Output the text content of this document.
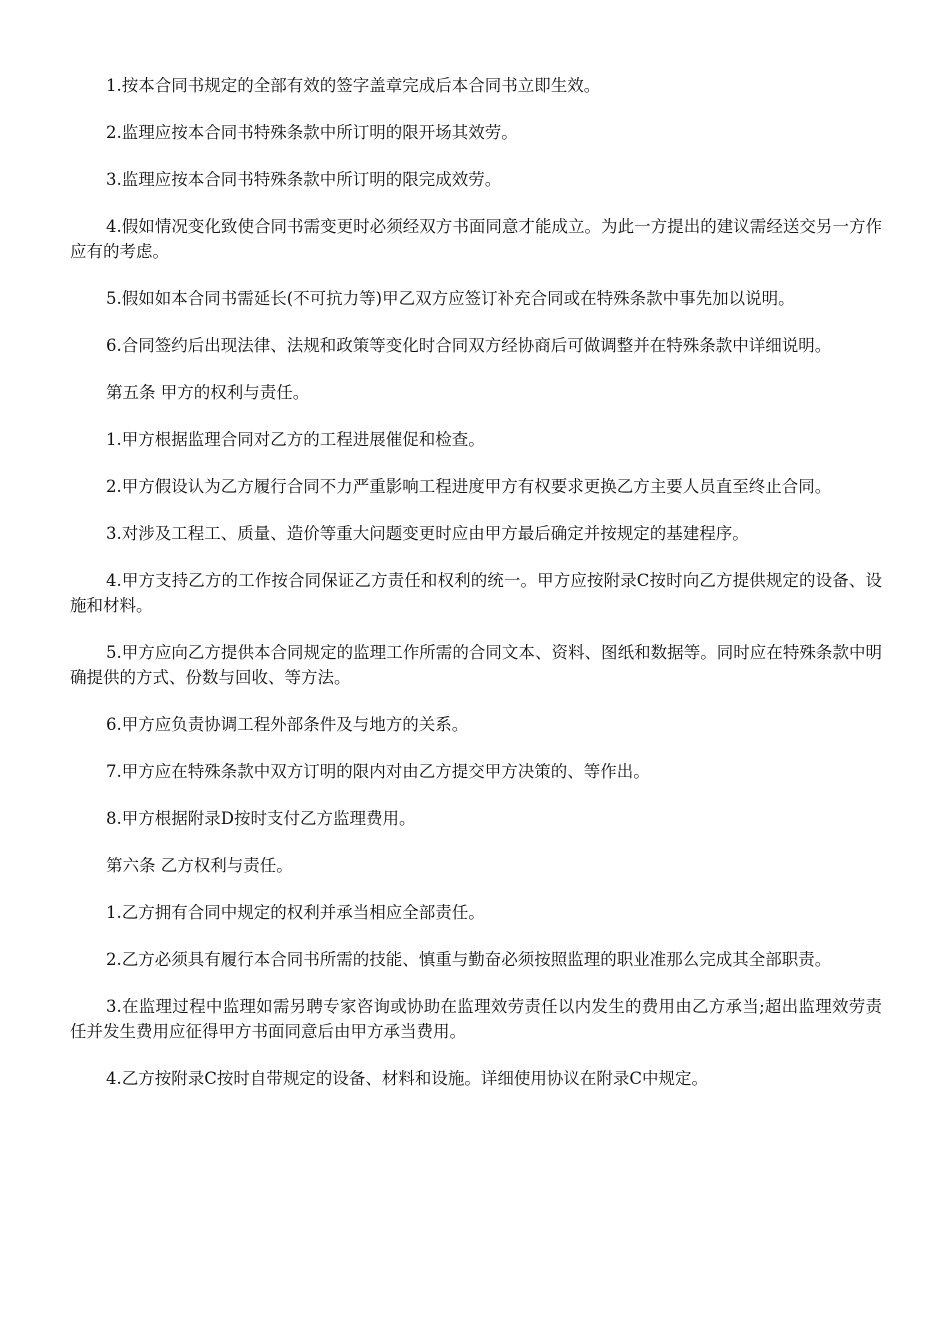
1.按本合同书规定的全部有效的签字盖章完成后本合同书立即生效。

2.监理应按本合同书特殊条款中所订明的限开场其效劳。

3.监理应按本合同书特殊条款中所订明的限完成效劳。

4.假如情况变化致使合同书需变更时必须经双方书面同意才能成立。为此一方提出的建议需经送交另一方作应有的考虑。

5.假如如本合同书需延长(不可抗力等)甲乙双方应签订补充合同或在特殊条款中事先加以说明。

6.合同签约后出现法律、法规和政策等变化时合同双方经协商后可做调整并在特殊条款中详细说明。

第五条 甲方的权利与责任。

1.甲方根据监理合同对乙方的工程进展催促和检查。

2.甲方假设认为乙方履行合同不力严重影响工程进度甲方有权要求更换乙方主要人员直至终止合同。

3.对涉及工程工、质量、造价等重大问题变更时应由甲方最后确定并按规定的基建程序。

4.甲方支持乙方的工作按合同保证乙方责任和权利的统一。甲方应按附录C按时向乙方提供规定的设备、设施和材料。

5.甲方应向乙方提供本合同规定的监理工作所需的合同文本、资料、图纸和数据等。同时应在特殊条款中明确提供的方式、份数与回收、等方法。

6.甲方应负责协调工程外部条件及与地方的关系。

7.甲方应在特殊条款中双方订明的限内对由乙方提交甲方决策的、等作出。

8.甲方根据附录D按时支付乙方监理费用。

第六条 乙方权利与责任。

1.乙方拥有合同中规定的权利并承当相应全部责任。

2.乙方必须具有履行本合同书所需的技能、慎重与勤奋必须按照监理的职业准那么完成其全部职责。

3.在监理过程中监理如需另聘专家咨询或协助在监理效劳责任以内发生的费用由乙方承当;超出监理效劳责任并发生费用应征得甲方书面同意后由甲方承当费用。

4.乙方按附录C按时自带规定的设备、材料和设施。详细使用协议在附录C中规定。
